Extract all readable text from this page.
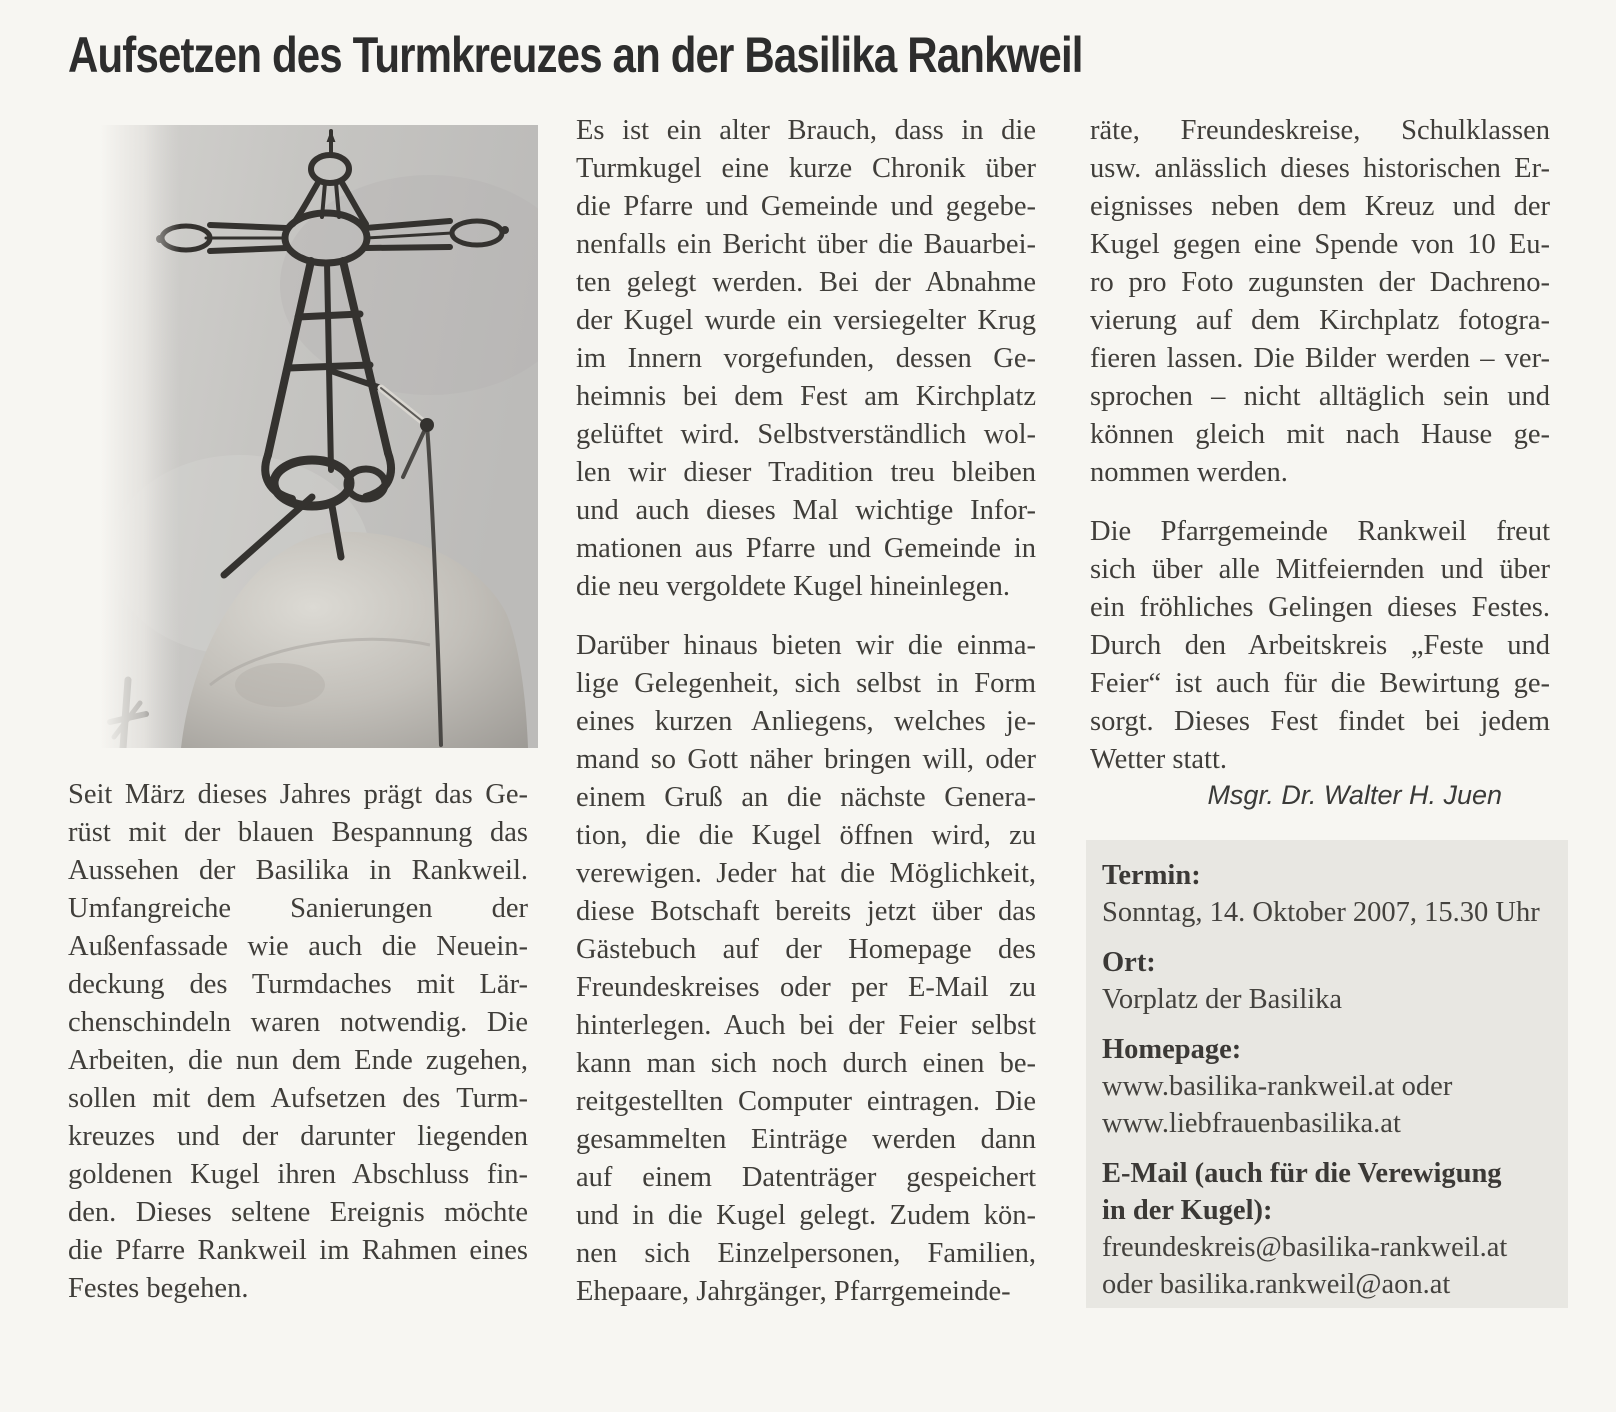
Aufsetzen des Turmkreuzes an der Basilika Rankweil
Seit März dieses Jahres prägt das Ge-
rüst mit der blauen Bespannung das
Aussehen der Basilika in Rankweil.
Umfangreiche Sanierungen der
Außenfassade wie auch die Neuein-
deckung des Turmdaches mit Lär-
chenschindeln waren notwendig. Die
Arbeiten, die nun dem Ende zugehen,
sollen mit dem Aufsetzen des Turm-
kreuzes und der darunter liegenden
goldenen Kugel ihren Abschluss fin-
den. Dieses seltene Ereignis möchte
die Pfarre Rankweil im Rahmen eines
Festes begehen.
Es ist ein alter Brauch, dass in die
Turmkugel eine kurze Chronik über
die Pfarre und Gemeinde und gegebe-
nenfalls ein Bericht über die Bauarbei-
ten gelegt werden. Bei der Abnahme
der Kugel wurde ein versiegelter Krug
im Innern vorgefunden, dessen Ge-
heimnis bei dem Fest am Kirchplatz
gelüftet wird. Selbstverständlich wol-
len wir dieser Tradition treu bleiben
und auch dieses Mal wichtige Infor-
mationen aus Pfarre und Gemeinde in
die neu vergoldete Kugel hineinlegen.
Darüber hinaus bieten wir die einma-
lige Gelegenheit, sich selbst in Form
eines kurzen Anliegens, welches je-
mand so Gott näher bringen will, oder
einem Gruß an die nächste Genera-
tion, die die Kugel öffnen wird, zu
verewigen. Jeder hat die Möglichkeit,
diese Botschaft bereits jetzt über das
Gästebuch auf der Homepage des
Freundeskreises oder per E-Mail zu
hinterlegen. Auch bei der Feier selbst
kann man sich noch durch einen be-
reitgestellten Computer eintragen. Die
gesammelten Einträge werden dann
auf einem Datenträger gespeichert
und in die Kugel gelegt. Zudem kön-
nen sich Einzelpersonen, Familien,
Ehepaare, Jahrgänger, Pfarrgemeinde-
räte, Freundeskreise, Schulklassen
usw. anlässlich dieses historischen Er-
eignisses neben dem Kreuz und der
Kugel gegen eine Spende von 10 Eu-
ro pro Foto zugunsten der Dachreno-
vierung auf dem Kirchplatz fotogra-
fieren lassen. Die Bilder werden – ver-
sprochen – nicht alltäglich sein und
können gleich mit nach Hause ge-
nommen werden.
Die Pfarrgemeinde Rankweil freut
sich über alle Mitfeiernden und über
ein fröhliches Gelingen dieses Festes.
Durch den Arbeitskreis „Feste und
Feier“ ist auch für die Bewirtung ge-
sorgt. Dieses Fest findet bei jedem
Wetter statt.
Msgr. Dr. Walter H. Juen
Termin:
Sonntag, 14. Oktober 2007, 15.30 Uhr
Ort:
Vorplatz der Basilika
Homepage:
www.basilika-rankweil.at oder
www.liebfrauenbasilika.at
E-Mail (auch für die Verewigung
in der Kugel):
freundeskreis@basilika-rankweil.at
oder basilika.rankweil@aon.at
